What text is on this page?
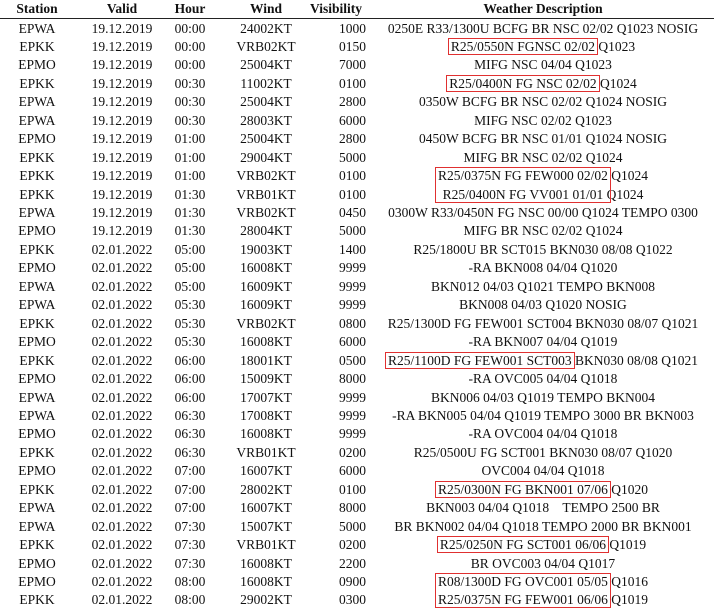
Station	Valid	Hour	Wind	Visibility	Weather Description
EPWA	19.12.2019	00:00	24002KT	1000	0250E R33/1300U BCFG BR NSC 02/02 Q1023 NOSIG
EPKK	19.12.2019	00:00	VRB02KT	0150	R25/0550N FGNSC 02/02 Q1023
EPMO	19.12.2019	00:00	25004KT	7000	MIFG NSC 04/04 Q1023
EPKK	19.12.2019	00:30	11002KT	0100	R25/0400N FG NSC 02/02 Q1024
EPWA	19.12.2019	00:30	25004KT	2800	0350W BCFG BR NSC 02/02 Q1024 NOSIG
EPWA	19.12.2019	00:30	28003KT	6000	MIFG NSC 02/02 Q1023
EPMO	19.12.2019	01:00	25004KT	2800	0450W BCFG BR NSC 01/01 Q1024 NOSIG
EPKK	19.12.2019	01:00	29004KT	5000	MIFG BR NSC 02/02 Q1024
EPKK	19.12.2019	01:00	VRB02KT	0100	R25/0375N FG FEW000 02/02 Q1024
EPKK	19.12.2019	01:30	VRB01KT	0100	R25/0400N FG VV001 01/01 Q1024
EPWA	19.12.2019	01:30	VRB02KT	0450	0300W R33/0450N FG NSC 00/00 Q1024 TEMPO 0300
EPMO	19.12.2019	01:30	28004KT	5000	MIFG BR NSC 02/02 Q1024
EPKK	02.01.2022	05:00	19003KT	1400	R25/1800U BR SCT015 BKN030 08/08 Q1022
EPMO	02.01.2022	05:00	16008KT	9999	-RA BKN008 04/04 Q1020
EPWA	02.01.2022	05:00	16009KT	9999	BKN012 04/03 Q1021 TEMPO BKN008
EPWA	02.01.2022	05:30	16009KT	9999	BKN008 04/03 Q1020 NOSIG
EPKK	02.01.2022	05:30	VRB02KT	0800	R25/1300D FG FEW001 SCT004 BKN030 08/07 Q1021
EPMO	02.01.2022	05:30	16008KT	6000	-RA BKN007 04/04 Q1019
EPKK	02.01.2022	06:00	18001KT	0500	R25/1100D FG FEW001 SCT003 BKN030 08/08 Q1021
EPMO	02.01.2022	06:00	15009KT	8000	-RA OVC005 04/04 Q1018
EPWA	02.01.2022	06:00	17007KT	9999	BKN006 04/03 Q1019 TEMPO BKN004
EPWA	02.01.2022	06:30	17008KT	9999	-RA BKN005 04/04 Q1019 TEMPO 3000 BR BKN003
EPMO	02.01.2022	06:30	16008KT	9999	-RA OVC004 04/04 Q1018
EPKK	02.01.2022	06:30	VRB01KT	0200	R25/0500U FG SCT001 BKN030 08/07 Q1020
EPMO	02.01.2022	07:00	16007KT	6000	OVC004 04/04 Q1018
EPKK	02.01.2022	07:00	28002KT	0100	R25/0300N FG BKN001 07/06 Q1020
EPWA	02.01.2022	07:00	16007KT	8000	BKN003 04/04 Q1018    TEMPO 2500 BR
EPWA	02.01.2022	07:30	15007KT	5000	BR BKN002 04/04 Q1018 TEMPO 2000 BR BKN001
EPKK	02.01.2022	07:30	VRB01KT	0200	R25/0250N FG SCT001 06/06 Q1019
EPMO	02.01.2022	07:30	16008KT	2200	BR OVC003 04/04 Q1017
EPMO	02.01.2022	08:00	16008KT	0900	R08/1300D FG OVC001 05/05 Q1016
EPKK	02.01.2022	08:00	29002KT	0300	R25/0375N FG FEW001 06/06 Q1019
